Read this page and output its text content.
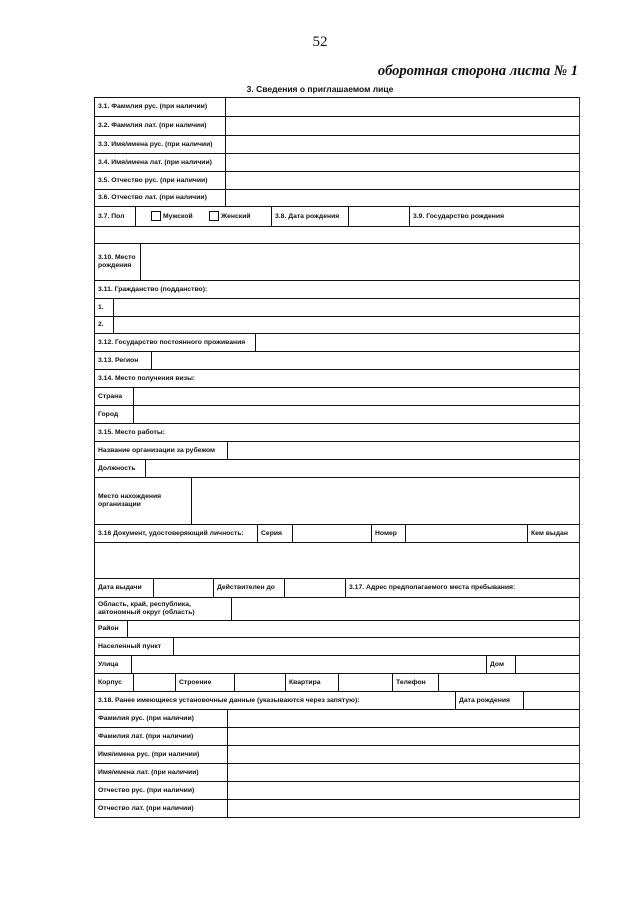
52
оборотная сторона листа № 1
3. Сведения о приглашаемом лице
3.1. Фамилия рус. (при наличии)
3.2. Фамилия лат. (при наличии)
3.3. Имя/имена рус. (при наличии)
3.4. Имя/имена лат. (при наличии)
3.5. Отчество рус. (при наличии)
3.6. Отчество лат. (при наличии)
3.7. Пол	Мужской	Женский	3.8. Дата рождения	3.9. Государство рождения
3.10. Место рождения
3.11. Гражданство (подданство):
1.
2.
3.12. Государство постоянного проживания
3.13. Регион
3.14. Место получения визы:
Страна
Город
3.15. Место работы:
Название организации за рубежом
Должность
Место нахождения организации
3.16 Документ, удостоверяющий личность:	Серия	Номер	Кем выдан
Дата выдачи	Действителен до	3.17. Адрес предполагаемого места пребывания:
Область, край, республика, автономный округ (область)
Район
Населенный пункт
Улица	Дом
Корпус	Строение	Квартира	Телефон
3.18. Ранее имеющиеся установочные данные (указываются через запятую):	Дата рождения
Фамилия рус. (при наличии)
Фамилия лат. (при наличии)
Имя/имена рус. (при наличии)
Имя/имена лат. (при наличии)
Отчество рус. (при наличии)
Отчество лат. (при наличии)
